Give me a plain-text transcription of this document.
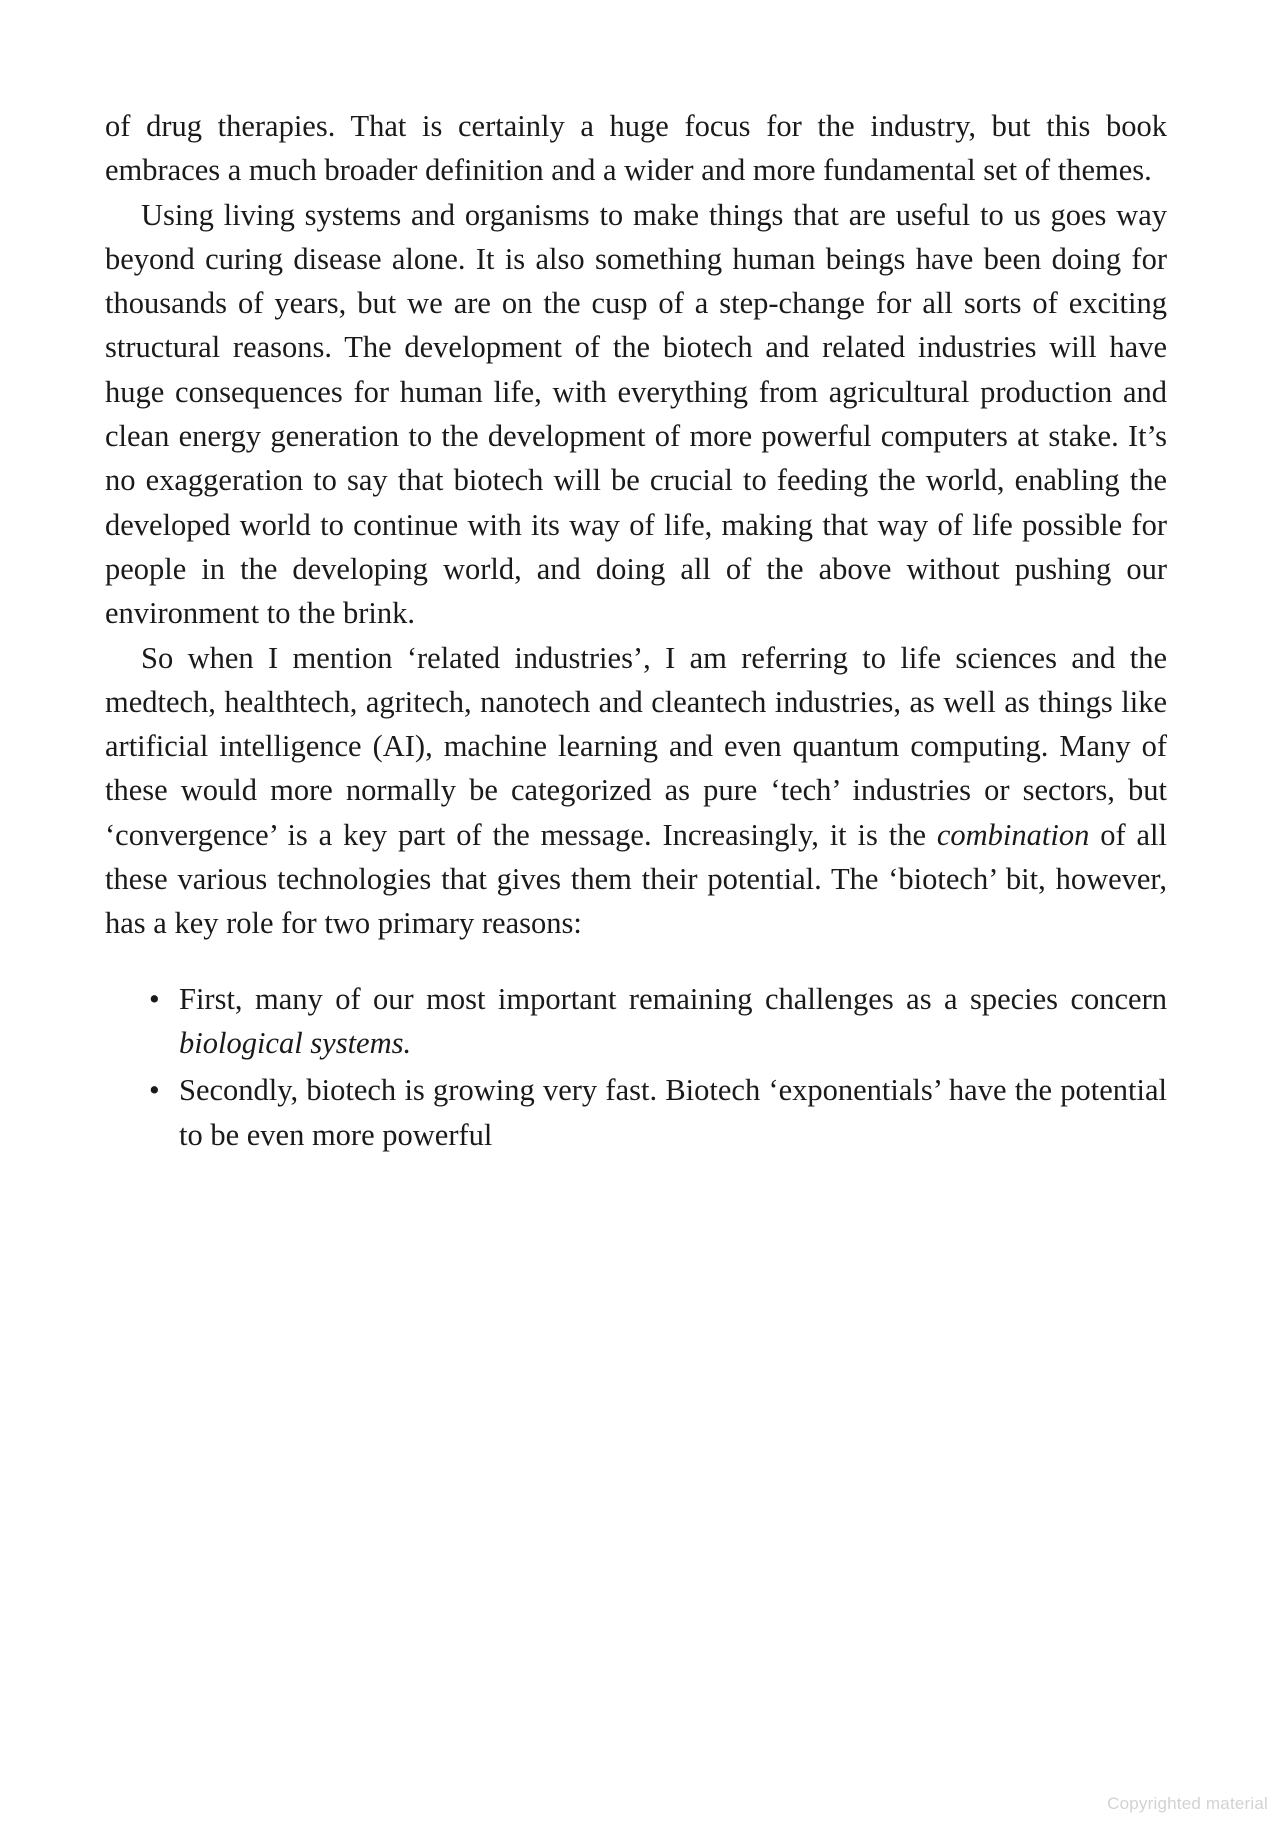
of drug therapies. That is certainly a huge focus for the industry, but this book embraces a much broader definition and a wider and more fundamental set of themes.

Using living systems and organisms to make things that are useful to us goes way beyond curing disease alone. It is also something human beings have been doing for thousands of years, but we are on the cusp of a step-change for all sorts of exciting structural reasons. The development of the biotech and related industries will have huge consequences for human life, with everything from agricultural production and clean energy generation to the development of more powerful computers at stake. It’s no exaggeration to say that biotech will be crucial to feeding the world, enabling the developed world to continue with its way of life, making that way of life possible for people in the developing world, and doing all of the above without pushing our environment to the brink.

So when I mention ‘related industries’, I am referring to life sciences and the medtech, healthtech, agritech, nanotech and cleantech industries, as well as things like artificial intelligence (AI), machine learning and even quantum computing. Many of these would more normally be categorized as pure ‘tech’ industries or sectors, but ‘convergence’ is a key part of the message. Increasingly, it is the combination of all these various technologies that gives them their potential. The ‘biotech’ bit, however, has a key role for two primary reasons:

• First, many of our most important remaining challenges as a species concern biological systems.
• Secondly, biotech is growing very fast. Biotech ‘exponentials’ have the potential to be even more powerful
Copyrighted material
